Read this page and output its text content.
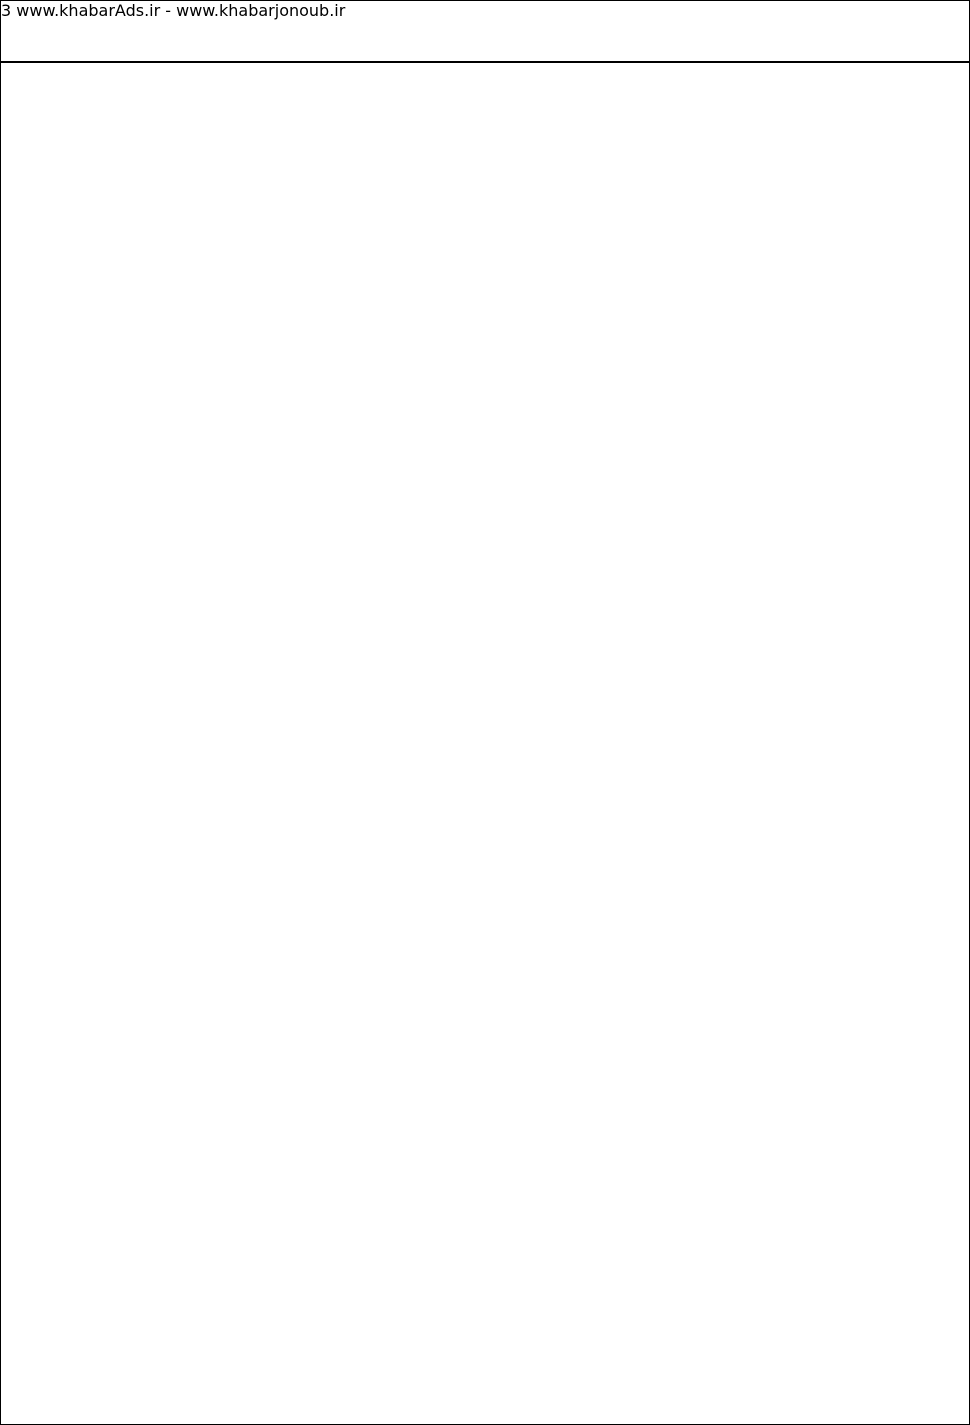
3 www.khabarAds.ir - www.khabarjonoub.ir
